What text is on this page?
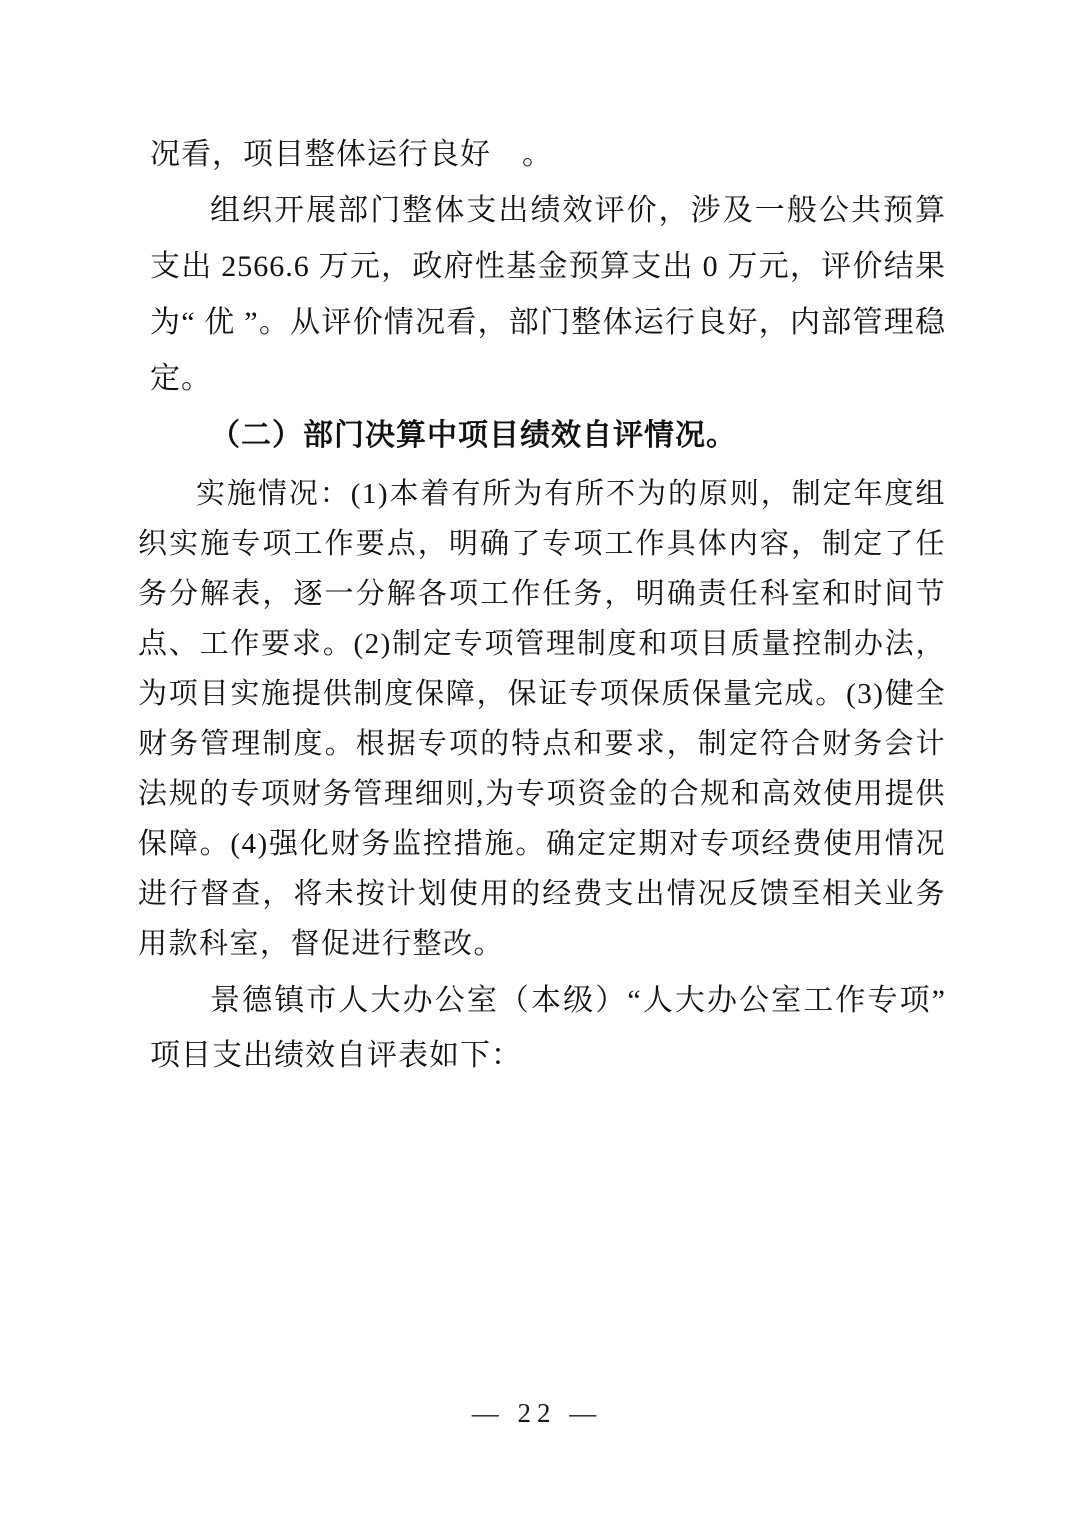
况看，项目整体运行良好　。

组织开展部门整体支出绩效评价，涉及一般公共预算支出 2566.6 万元，政府性基金预算支出 0 万元，评价结果为“ 优 ”。从评价情况看，部门整体运行良好，内部管理稳定。

（二）部门决算中项目绩效自评情况。

实施情况：(1)本着有所为有所不为的原则，制定年度组织实施专项工作要点，明确了专项工作具体内容，制定了任务分解表，逐一分解各项工作任务，明确责任科室和时间节点、工作要求。(2)制定专项管理制度和项目质量控制办法，为项目实施提供制度保障，保证专项保质保量完成。(3)健全财务管理制度。根据专项的特点和要求，制定符合财务会计法规的专项财务管理细则,为专项资金的合规和高效使用提供保障。(4)强化财务监控措施。确定定期对专项经费使用情况进行督查，将未按计划使用的经费支出情况反馈至相关业务用款科室，督促进行整改。

景德镇市人大办公室（本级）“人大办公室工作专项”项目支出绩效自评表如下：

— 22 —
